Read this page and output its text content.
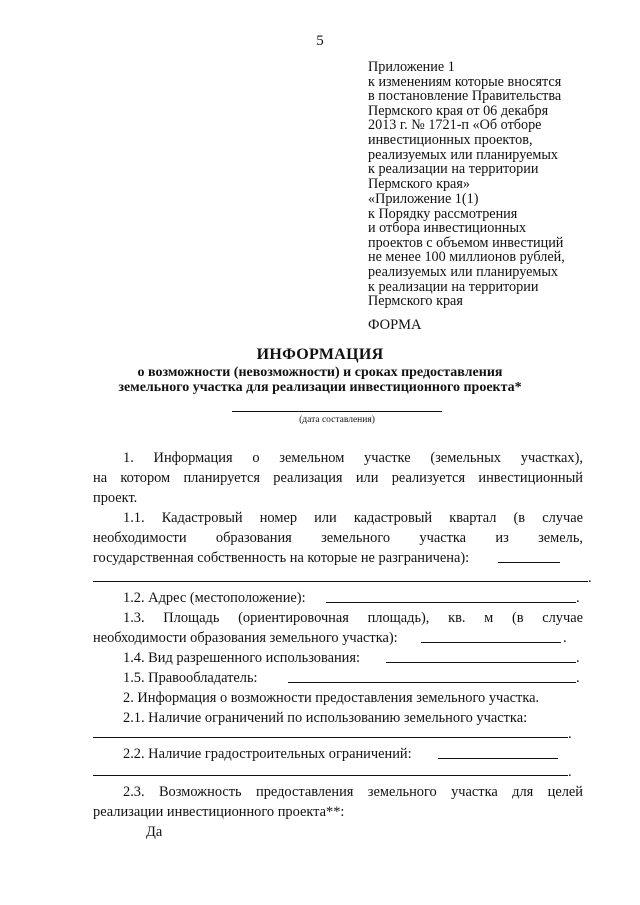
5
Приложение 1
к изменениям которые вносятся
в постановление Правительства
Пермского края от 06 декабря
2013 г. № 1721-п «Об отборе
инвестиционных проектов,
реализуемых или планируемых
к реализации на территории
Пермского края»
«Приложение 1(1)
к Порядку рассмотрения
и отбора инвестиционных
проектов с объемом инвестиций
не менее 100 миллионов рублей,
реализуемых или планируемых
к реализации на территории
Пермского края
ФОРМА
ИНФОРМАЦИЯ
о возможности (невозможности) и сроках предоставления
земельного участка для реализации инвестиционного проекта*
(дата составления)
1. Информация о земельном участке (земельных участках),
на котором планируется реализация или реализуется инвестиционный
проект.
1.1. Кадастровый номер или кадастровый квартал (в случае
необходимости образования земельного участка из земель,
государственная собственность на которые не разграничена):
.
1.2. Адрес (местоположение):	.
1.3. Площадь (ориентировочная площадь), кв. м (в случае
необходимости образования земельного участка):	.
1.4. Вид разрешенного использования:	.
1.5. Правообладатель:	.
2. Информация о возможности предоставления земельного участка.
2.1. Наличие ограничений по использованию земельного участка:
.
2.2. Наличие градостроительных ограничений:
.
2.3. Возможность предоставления земельного участка для целей
реализации инвестиционного проекта**:
Да
